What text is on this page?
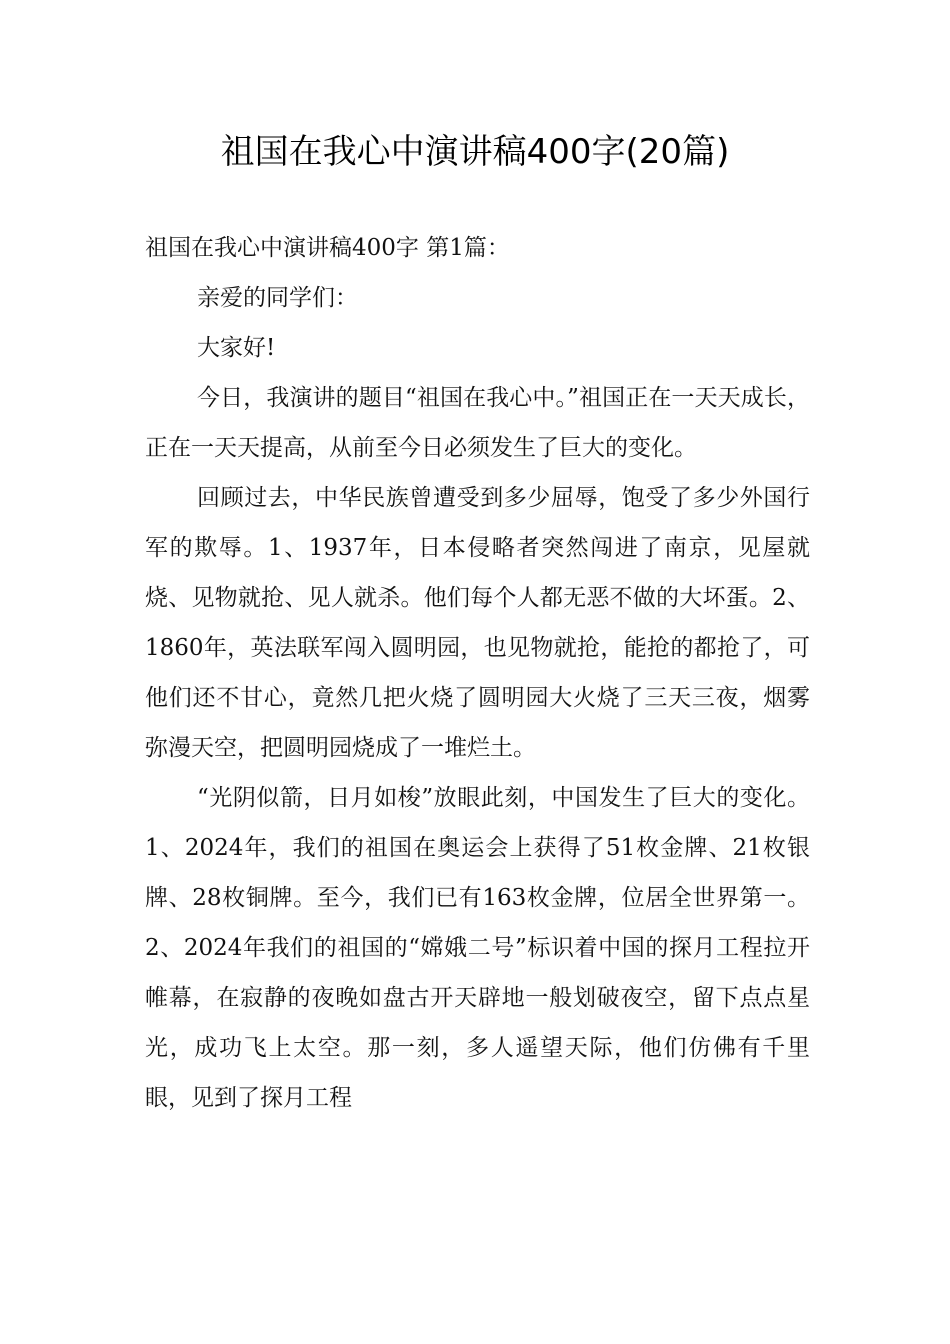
祖国在我心中演讲稿400字(20篇)

祖国在我心中演讲稿400字 第1篇：

亲爱的同学们：

大家好!

今日，我演讲的题目“祖国在我心中。”祖国正在一天天成长，正在一天天提高，从前至今日必须发生了巨大的变化。

回顾过去，中华民族曾遭受到多少屈辱，饱受了多少外国行军的欺辱。1、1937年，日本侵略者突然闯进了南京，见屋就烧、见物就抢、见人就杀。他们每个人都无恶不做的大坏蛋。2、1860年，英法联军闯入圆明园，也见物就抢，能抢的都抢了，可他们还不甘心，竟然几把火烧了圆明园大火烧了三天三夜，烟雾弥漫天空，把圆明园烧成了一堆烂土。

“光阴似箭，日月如梭”放眼此刻，中国发生了巨大的变化。1、2024年，我们的祖国在奥运会上获得了51枚金牌、21枚银牌、28枚铜牌。至今，我们已有163枚金牌，位居全世界第一。2、2024年我们的祖国的“嫦娥二号”标识着中国的探月工程拉开帷幕，在寂静的夜晚如盘古开天辟地一般划破夜空，留下点点星光，成功飞上太空。那一刻，多人遥望天际，他们仿佛有千里眼，见到了探月工程
